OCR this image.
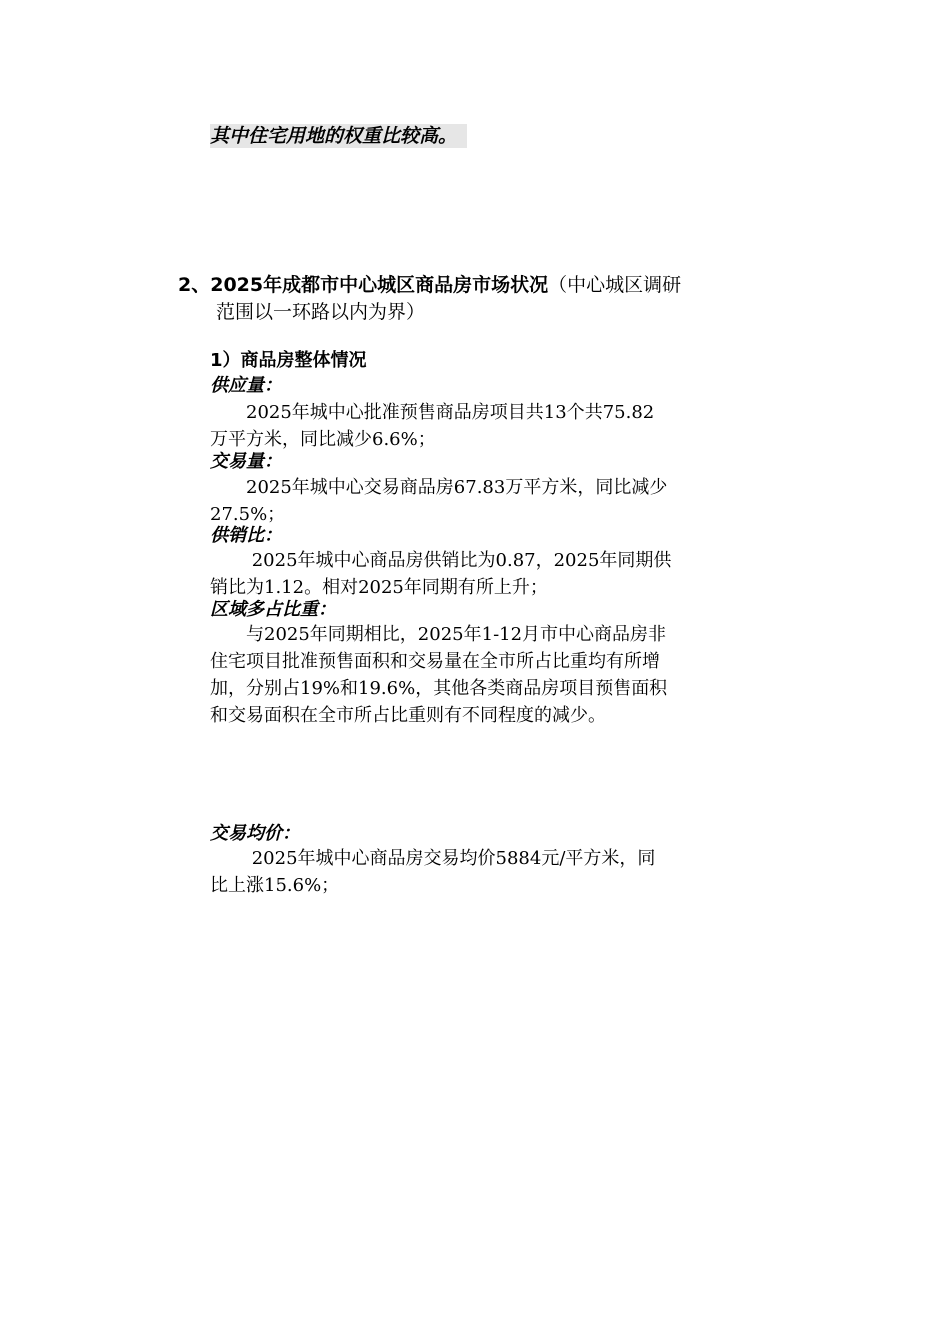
其中住宅用地的权重比较高。
2、2025年成都市中心城区商品房市场状况（中心城区调研
范围以一环路以内为界）
1）商品房整体情况
供应量：
　　2025年城中心批准预售商品房项目共13个共75.82
万平方米，同比减少6.6%；
交易量：
　　2025年城中心交易商品房67.83万平方米，同比减少
27.5%；
供销比：
　　 2025年城中心商品房供销比为0.87，2025年同期供
销比为1.12。相对2025年同期有所上升；
区域多占比重：
　　与2025年同期相比，2025年1-12月市中心商品房非
住宅项目批准预售面积和交易量在全市所占比重均有所增
加，分别占19%和19.6%，其他各类商品房项目预售面积
和交易面积在全市所占比重则有不同程度的减少。
交易均价：
　　 2025年城中心商品房交易均价5884元/平方米，同
比上涨15.6%；
